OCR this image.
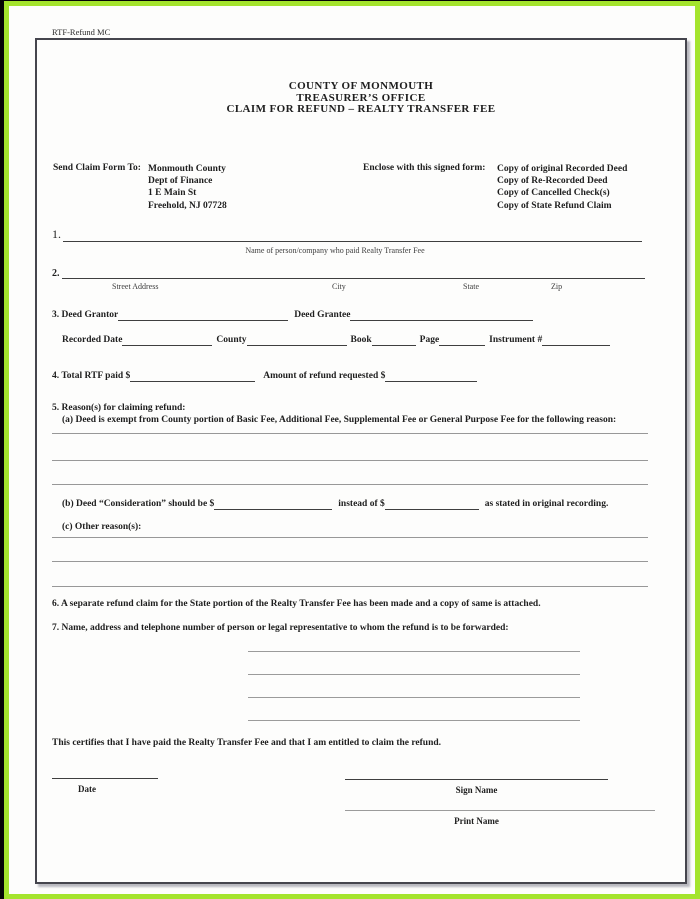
RTF-Refund MC
COUNTY OF MONMOUTH
TREASURER’S OFFICE
CLAIM FOR REFUND – REALTY TRANSFER FEE
Send Claim Form To: Monmouth County
Dept of Finance
1 E Main St
Freehold, NJ 07728
Enclose with this signed form: Copy of original Recorded Deed
Copy of Re-Recorded Deed
Copy of Cancelled Check(s)
Copy of State Refund Claim
1.
Name of person/company who paid Realty Transfer Fee
2.
Street Address	City	State	Zip
3. Deed Grantor	Deed Grantee
Recorded Date	County	Book	Page	Instrument #
4. Total RTF paid $	Amount of refund requested $
5. Reason(s) for claiming refund:
(a) Deed is exempt from County portion of Basic Fee, Additional Fee, Supplemental Fee or General Purpose Fee for the following reason:
(b) Deed “Consideration” should be $	instead of $	as stated in original recording.
(c) Other reason(s):
6. A separate refund claim for the State portion of the Realty Transfer Fee has been made and a copy of same is attached.
7. Name, address and telephone number of person or legal representative to whom the refund is to be forwarded:
This certifies that I have paid the Realty Transfer Fee and that I am entitled to claim the refund.
Date	Sign Name
Print Name
